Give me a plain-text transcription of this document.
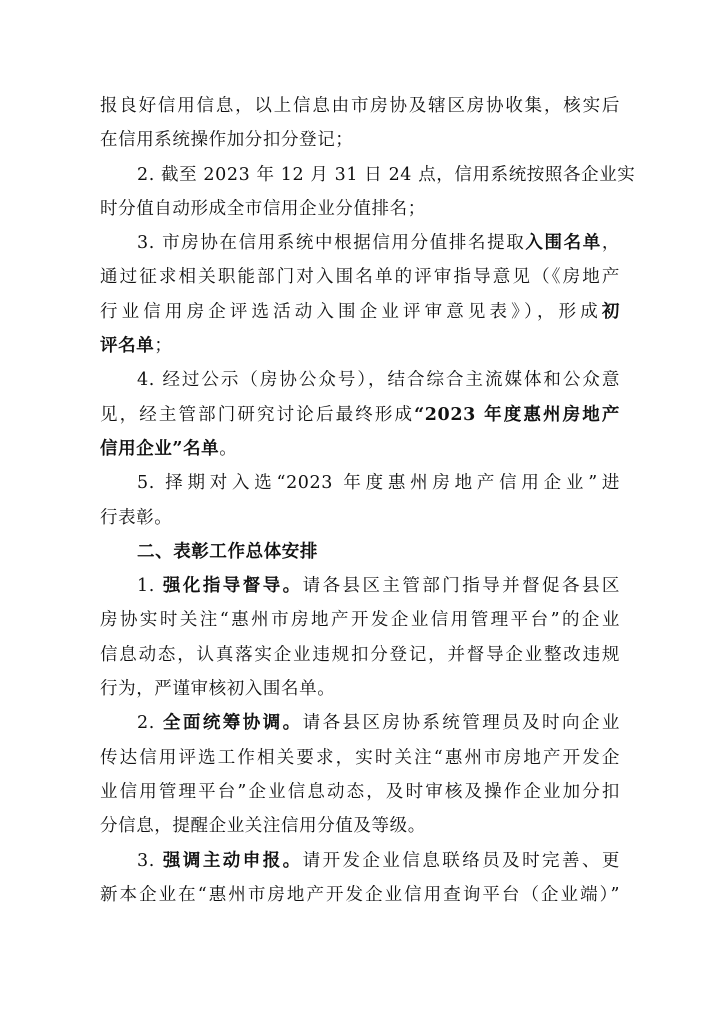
报良好信用信息，以上信息由市房协及辖区房协收集，核实后
在信用系统操作加分扣分登记；
2. 截至 2023 年 12 月 31 日 24 点，信用系统按照各企业实
时分值自动形成全市信用企业分值排名；
3. 市房协在信用系统中根据信用分值排名提取入围名单，
通过征求相关职能部门对入围名单的评审指导意见（《房地产
行业信用房企评选活动入围企业评审意见表》），形成初
评名单；
4. 经过公示（房协公众号），结合综合主流媒体和公众意
见，经主管部门研究讨论后最终形成“2023 年度惠州房地产
信用企业”名单。
5. 择期对入选“2023 年度惠州房地产信用企业”进
行表彰。
二、表彰工作总体安排
1. 强化指导督导。请各县区主管部门指导并督促各县区
房协实时关注“惠州市房地产开发企业信用管理平台”的企业
信息动态，认真落实企业违规扣分登记，并督导企业整改违规
行为，严谨审核初入围名单。
2. 全面统筹协调。请各县区房协系统管理员及时向企业
传达信用评选工作相关要求，实时关注“惠州市房地产开发企
业信用管理平台”企业信息动态，及时审核及操作企业加分扣
分信息，提醒企业关注信用分值及等级。
3. 强调主动申报。请开发企业信息联络员及时完善、更
新本企业在“惠州市房地产开发企业信用查询平台（企业端）”
